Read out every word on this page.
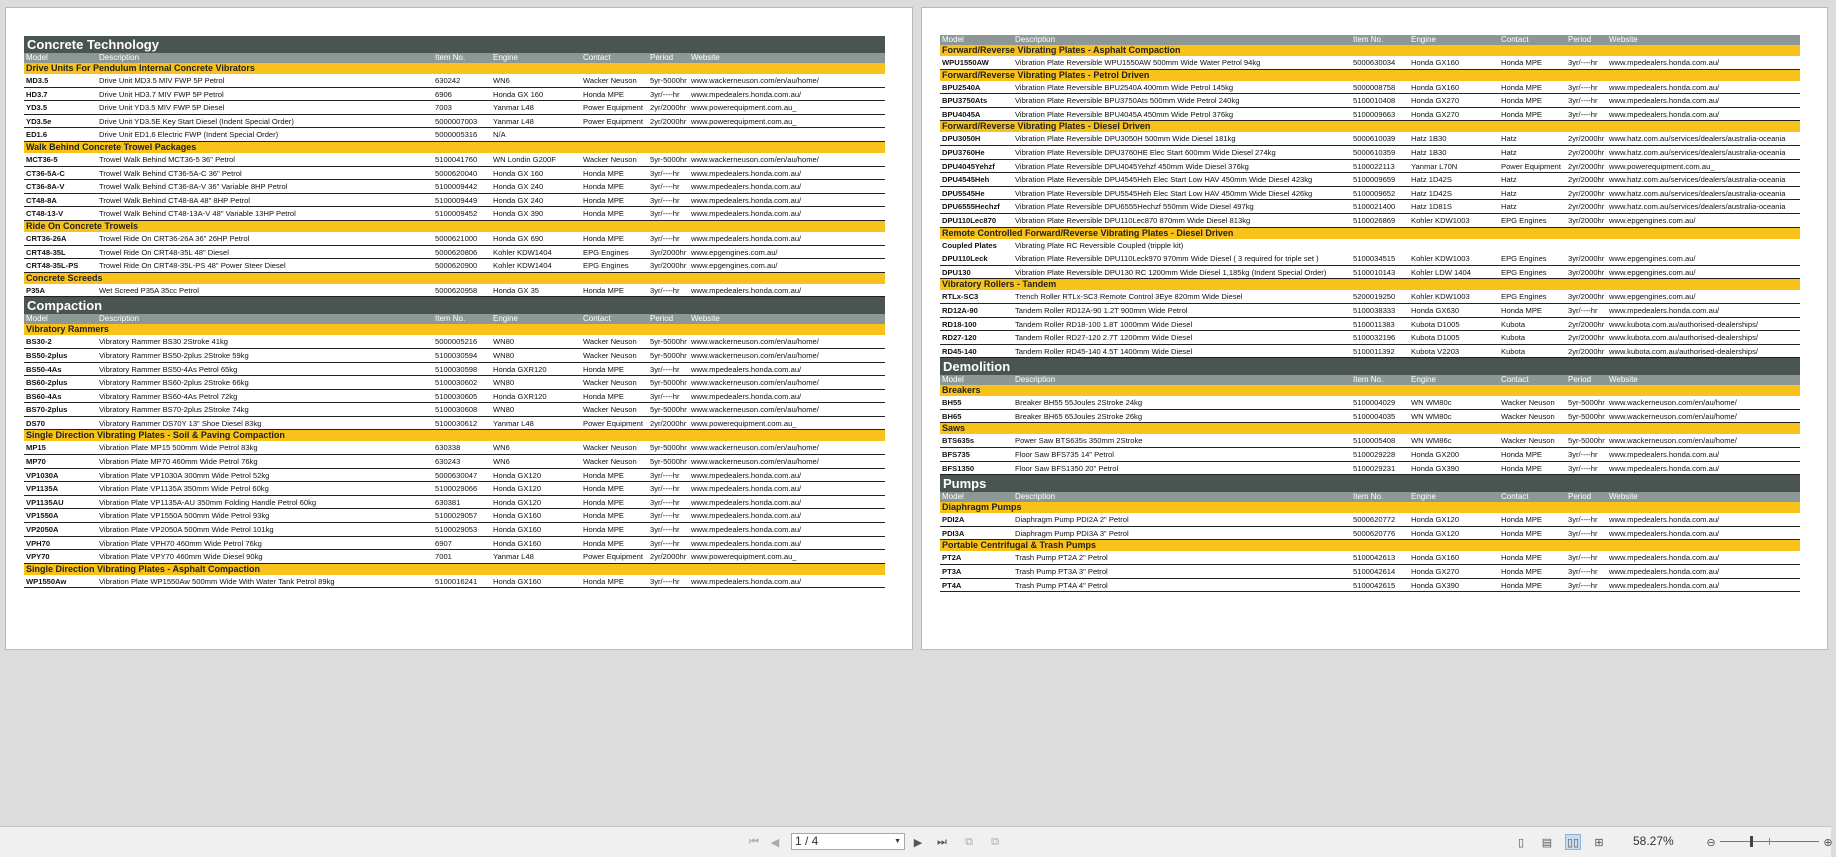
Concrete Technology
Model	Description	Item No.	Engine	Contact	Period	Website
Drive Units For Pendulum Internal Concrete Vibrators
MD3.5	Drive Unit MD3.5 MIV FWP 5P Petrol	630242	WN6	Wacker Neuson	5yr-5000hr www.wackerneuson.com/en/au/home/
HD3.7	Drive Unit HD3.7 MIV FWP 5P Petrol	6906	Honda GX 160	Honda MPE	3yr/----hr	www.mpedealers.honda.com.au/
YD3.5	Drive Unit YD3.5 MIV FWP 5P Diesel	7003	Yanmar L48	Power Equipment 2yr/2000hr www.powerequipment.com.au_
YD3.5e	Drive Unit YD3.5E Key Start Diesel (Indent Special Order)	5000007003	Yanmar L48	Power Equipment 2yr/2000hr www.powerequipment.com.au_
ED1.6	Drive Unit ED1.6 Electric FWP (Indent Special Order)	5000005316	N/A
Walk Behind Concrete Trowel Packages
MCT36-5	Trowel Walk Behind MCT36-5 36" Petrol	5100041760	WN Londin G200F	Wacker Neuson	5yr-5000hr www.wackerneuson.com/en/au/home/
CT36-5A-C	Trowel Walk Behind CT36-5A-C 36" Petrol	5000620040	Honda GX 160	Honda MPE	3yr/----hr	www.mpedealers.honda.com.au/
CT36-8A-V	Trowel Walk Behind CT36-8A-V 36" Variable 8HP Petrol	5100009442	Honda GX 240	Honda MPE	3yr/----hr	www.mpedealers.honda.com.au/
CT48-8A	Trowel Walk Behind CT48-8A 48" 8HP Petrol	5100009449	Honda GX 240	Honda MPE	3yr/----hr	www.mpedealers.honda.com.au/
CT48-13-V	Trowel Walk Behind CT48-13A-V 48" Variable 13HP Petrol	5100009452	Honda GX 390	Honda MPE	3yr/----hr	www.mpedealers.honda.com.au/
Ride On Concrete Trowels
CRT36-26A	Trowel Ride On CRT36-26A 36" 26HP Petrol	5000621000	Honda GX 690	Honda MPE	3yr/----hr	www.mpedealers.honda.com.au/
CRT48-35L	Trowel Ride On CRT48-35L 48" Diesel	5000620806	Kohler KDW1404	EPG Engines	3yr/2000hr www.epgengines.com.au/
CRT48-35L-PS	Trowel Ride On CRT48-35L-PS 48" Power Steer Diesel	5000620900	Kohler KDW1404	EPG Engines	3yr/2000hr www.epgengines.com.au/
Concrete Screeds
P35A	Wet Screed P35A 35cc Petrol	5000620958	Honda GX 35	Honda MPE	3yr/----hr	www.mpedealers.honda.com.au/
Compaction
Model	Description	Item No.	Engine	Contact	Period	Website
Vibratory Rammers
BS30-2	Vibratory Rammer BS30 2Stroke 41kg	5000005216	WN80	Wacker Neuson	5yr-5000hr www.wackerneuson.com/en/au/home/
BS50-2plus	Vibratory Rammer BS50-2plus 2Stroke 59kg	5100030594	WN80	Wacker Neuson	5yr-5000hr www.wackerneuson.com/en/au/home/
BS50-4As	Vibratory Rammer BS50-4As Petrol 65kg	5100030598	Honda GXR120	Honda MPE	3yr/----hr	www.mpedealers.honda.com.au/
BS60-2plus	Vibratory Rammer BS60-2plus 2Stroke 66kg	5100030602	WN80	Wacker Neuson	5yr-5000hr www.wackerneuson.com/en/au/home/
BS60-4As	Vibratory Rammer BS60-4As Petrol 72kg	5100030605	Honda GXR120	Honda MPE	3yr/----hr	www.mpedealers.honda.com.au/
BS70-2plus	Vibratory Rammer BS70-2plus 2Stroke 74kg	5100030608	WN80	Wacker Neuson	5yr-5000hr www.wackerneuson.com/en/au/home/
DS70	Vibratory Rammer DS70Y 13" Shoe Diesel 83kg	5100030612	Yanmar L48	Power Equipment 2yr/2000hr www.powerequipment.com.au_
Single Direction Vibrating Plates - Soil & Paving Compaction
MP15	Vibration Plate MP15 500mm Wide Petrol 83kg	630338	WN6	Wacker Neuson	5yr-5000hr www.wackerneuson.com/en/au/home/
MP70	Vibration Plate MP70 460mm Wide Petrol 76kg	630243	WN6	Wacker Neuson	5yr-5000hr www.wackerneuson.com/en/au/home/
VP1030A	Vibration Plate VP1030A 300mm Wide Petrol 52kg	5000630047	Honda GX120	Honda MPE	3yr/----hr	www.mpedealers.honda.com.au/
VP1135A	Vibration Plate VP1135A 350mm Wide Petrol 60kg	5100029066	Honda GX120	Honda MPE	3yr/----hr	www.mpedealers.honda.com.au/
VP1135AU	Vibration Plate VP1135A-AU 350mm Folding Handle Petrol 60kg	630381	Honda GX120	Honda MPE	3yr/----hr	www.mpedealers.honda.com.au/
VP1550A	Vibration Plate VP1550A 500mm Wide Petrol 93kg	5100029057	Honda GX160	Honda MPE	3yr/----hr	www.mpedealers.honda.com.au/
VP2050A	Vibration Plate VP2050A 500mm Wide Petrol 101kg	5100029053	Honda GX160	Honda MPE	3yr/----hr	www.mpedealers.honda.com.au/
VPH70	Vibration Plate VPH70 460mm Wide Petrol 76kg	6907	Honda GX160	Honda MPE	3yr/----hr	www.mpedealers.honda.com.au/
VPY70	Vibration Plate VPY70 460mm Wide Diesel 90kg	7001	Yanmar L48	Power Equipment 2yr/2000hr www.powerequipment.com.au_
Single Direction Vibrating Plates - Asphalt Compaction
WP1550Aw	Vibration Plate WP1550Aw 500mm Wide With Water Tank Petrol 89kg	5100016241	Honda GX160	Honda MPE	3yr/----hr	www.mpedealers.honda.com.au/
Model	Description	Item No.	Engine	Contact	Period	Website
Forward/Reverse Vibrating Plates - Asphalt Compaction
WPU1550AW	Vibration Plate Reversible WPU1550AW 500mm Wide Water Petrol 94kg	5000630034	Honda GX160	Honda MPE	3yr/----hr	www.mpedealers.honda.com.au/
Forward/Reverse Vibrating Plates - Petrol Driven
BPU2540A	Vibration Plate Reversible BPU2540A 400mm Wide Petrol 145kg	5000008758	Honda GX160	Honda MPE	3yr/----hr	www.mpedealers.honda.com.au/
BPU3750Ats	Vibration Plate Reversible BPU3750Ats 500mm Wide Petrol 240kg	5100010408	Honda GX270	Honda MPE	3yr/----hr	www.mpedealers.honda.com.au/
BPU4045A	Vibration Plate Reversible BPU4045A 450mm Wide Petrol 376kg	5100009663	Honda GX270	Honda MPE	3yr/----hr	www.mpedealers.honda.com.au/
Forward/Reverse Vibrating Plates - Diesel Driven
DPU3050H	Vibration Plate Reversible DPU3050H 500mm Wide Diesel 181kg	5000610039	Hatz 1B30	Hatz	2yr/2000hr www.hatz.com.au/services/dealers/australia-oceania
DPU3760He	Vibration Plate Reversible DPU3760HE Elec Start 600mm Wide Diesel 274kg	5000610359	Hatz 1B30	Hatz	2yr/2000hr www.hatz.com.au/services/dealers/australia-oceania
DPU4045Yehzf	Vibration Plate Reversible DPU4045Yehzf 450mm Wide Diesel 376kg	5100022113	Yanmar L70N	Power Equipment 2yr/2000hr www.powerequipment.com.au_
DPU4545Heh	Vibration Plate Reversible DPU4545Heh Elec Start Low HAV 450mm Wide Diesel 423kg	5100009659	Hatz 1D42S	Hatz	2yr/2000hr www.hatz.com.au/services/dealers/australia-oceania
DPU5545He	Vibration Plate Reversible DPU5545Heh Elec Start Low HAV 450mm Wide Diesel 426kg	5100009652	Hatz 1D42S	Hatz	2yr/2000hr www.hatz.com.au/services/dealers/australia-oceania
DPU6555Hechzf	Vibration Plate Reversible DPU6555Hechzf 550mm Wide Diesel 497kg	5100021400	Hatz 1D81S	Hatz	2yr/2000hr www.hatz.com.au/services/dealers/australia-oceania
DPU110Lec870	Vibration Plate Reversible DPU110Lec870 870mm Wide Diesel 813kg	5100026869	Kohler KDW1003	EPG Engines	3yr/2000hr www.epgengines.com.au/
Remote Controlled Forward/Reverse Vibrating Plates - Diesel Driven
Coupled Plates	Vibrating Plate RC Reversible Coupled (tripple kit)
DPU110Leck	Vibration Plate Reversible DPU110Leck970 970mm Wide Diesel ( 3 required for triple set )	5100034515	Kohler KDW1003	EPG Engines	3yr/2000hr www.epgengines.com.au/
DPU130	Vibration Plate Reversible DPU130 RC 1200mm Wide Diesel 1,185kg (Indent Special Order)	5100010143	Kohler LDW 1404	EPG Engines	3yr/2000hr www.epgengines.com.au/
Vibratory Rollers - Tandem
RTLx-SC3	Trench Roller RTLx-SC3 Remote Control 3Eye 820mm Wide Diesel	5200019250	Kohler KDW1003	EPG Engines	3yr/2000hr www.epgengines.com.au/
RD12A-90	Tandem Roller RD12A-90 1.2T 900mm Wide Petrol	5100038333	Honda GX630	Honda MPE	3yr/----hr	www.mpedealers.honda.com.au/
RD18-100	Tandem Roller RD18-100 1.8T 1000mm Wide Diesel	5100011383	Kubota D1005	Kubota	2yr/2000hr www.kubota.com.au/authorised-dealerships/
RD27-120	Tandem Roller RD27-120 2.7T 1200mm Wide Diesel	5100032196	Kubota D1005	Kubota	2yr/2000hr www.kubota.com.au/authorised-dealerships/
RD45-140	Tandem Roller RD45-140 4.5T 1400mm Wide Diesel	5100011392	Kubota V2203	Kubota	2yr/2000hr www.kubota.com.au/authorised-dealerships/
Demolition
Model	Description	Item No.	Engine	Contact	Period	Website
Breakers
BH55	Breaker BH55 55Joules 2Stroke 24kg	5100004029	WN WM80c	Wacker Neuson	5yr-5000hr www.wackerneuson.com/en/au/home/
BH65	Breaker BH65 65Joules 2Stroke 26kg	5100004035	WN WM80c	Wacker Neuson	5yr-5000hr www.wackerneuson.com/en/au/home/
Saws
BTS635s	Power Saw BTS635s 350mm 2Stroke	5100005408	WN WM86c	Wacker Neuson	5yr-5000hr www.wackerneuson.com/en/au/home/
BFS735	Floor Saw BFS735 14" Petrol	5100029228	Honda GX200	Honda MPE	3yr/----hr	www.mpedealers.honda.com.au/
BFS1350	Floor Saw BFS1350 20" Petrol	5100029231	Honda GX390	Honda MPE	3yr/----hr	www.mpedealers.honda.com.au/
Pumps
Model	Description	Item No.	Engine	Contact	Period	Website
Diaphragm Pumps
PDI2A	Diaphragm Pump PDI2A 2" Petrol	5000620772	Honda GX120	Honda MPE	3yr/----hr	www.mpedealers.honda.com.au/
PDI3A	Diaphragm Pump PDI3A 3" Petrol	5000620776	Honda GX120	Honda MPE	3yr/----hr	www.mpedealers.honda.com.au/
Portable Centrifugal & Trash Pumps
PT2A	Trash Pump PT2A 2" Petrol	5100042613	Honda GX160	Honda MPE	3yr/----hr	www.mpedealers.honda.com.au/
PT3A	Trash Pump PT3A 3" Petrol	5100042614	Honda GX270	Honda MPE	3yr/----hr	www.mpedealers.honda.com.au/
PT4A	Trash Pump PT4A 4" Petrol	5100042615	Honda GX390	Honda MPE	3yr/----hr	www.mpedealers.honda.com.au/
⏮	◀	1 / 4	▼	▶	⏭	⧉	⧉	▯	▤ ▯▯	⊞ 58.27%	⊖	⊕
